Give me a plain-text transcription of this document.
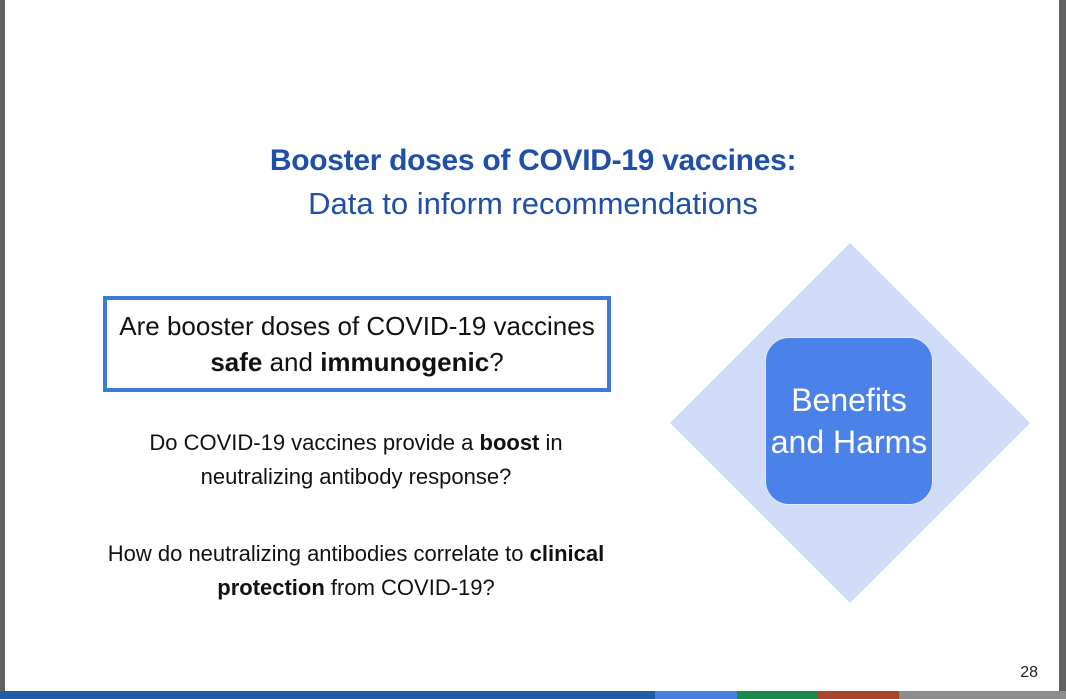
Booster doses of COVID-19 vaccines:
Data to inform recommendations
Are booster doses of COVID-19 vaccines safe and immunogenic?
Do COVID-19 vaccines provide a boost in neutralizing antibody response?
How do neutralizing antibodies correlate to clinical protection from COVID-19?
Benefits and Harms
28
